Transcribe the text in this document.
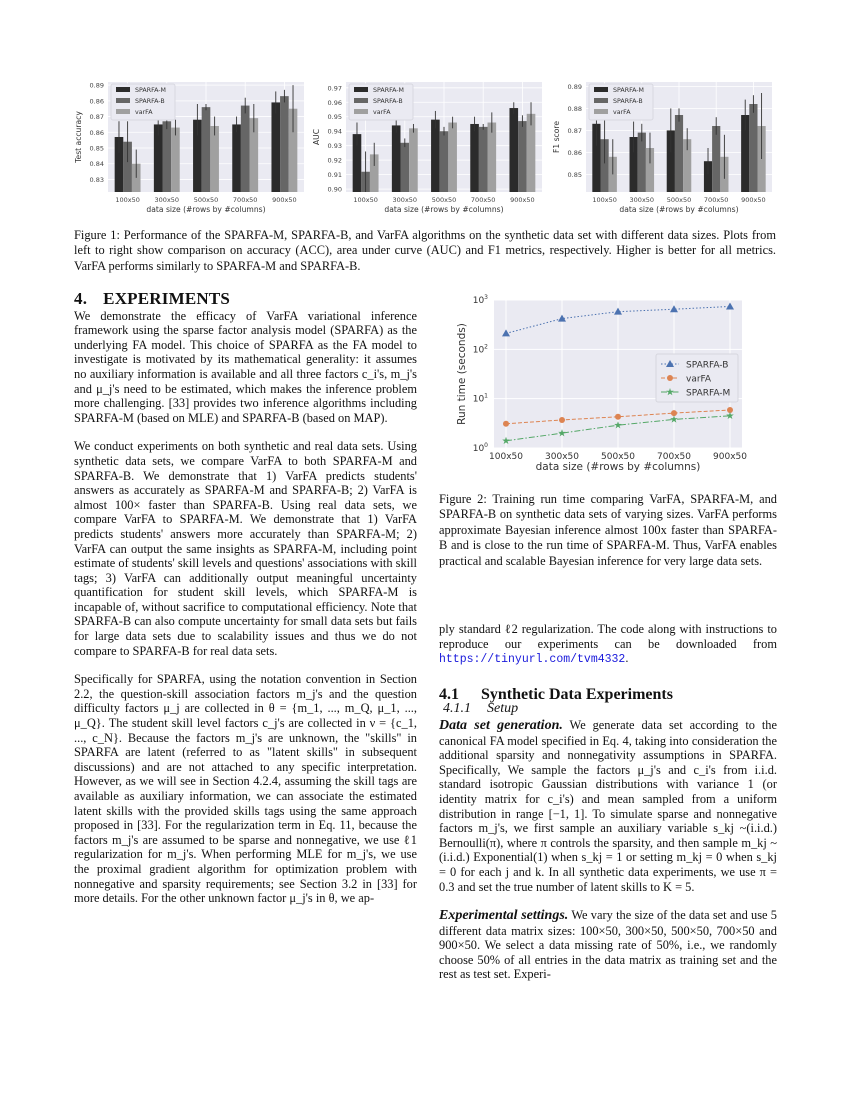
0.83
0.84
0.85
0.86
0.87
0.86
0.89
100x50 300x50 500x50 700x50 900x50
data size (#rows by #columns)
Test accuracy
SPARFA-M
SPARFA-B
varFA
0.90
0.91
0.92
0.93
0.94
0.95
0.96
0.97
100x50 300x50 500x50 700x50 900x50
data size (#rows by #columns)
AUC
SPARFA-M
SPARFA-B
varFA
0.85
0.86
0.87
0.88
0.89
100x50 300x50 500x50 700x50 900x50
data size (#rows by #columns)
F1 score
SPARFA-M
SPARFA-B
varFA
Figure 1: Performance of the SPARFA-M, SPARFA-B, and VarFA algorithms on the synthetic data set with different data sizes. Plots from left to right show comparison on accuracy (ACC), area under curve (AUC) and F1 metrics, respectively. Higher is better for all metrics. VarFA performs similarly to SPARFA-M and SPARFA-B.
4. EXPERIMENTS

We demonstrate the efficacy of VarFA variational inference framework using the sparse factor analysis model (SPARFA) as the underlying FA model. This choice of SPARFA as the FA model to investigate is motivated by its mathematical generality: it assumes no auxiliary information is available and all three factors c_i's, m_j's and μ_j's need to be estimated, which makes the inference problem more challenging. [33] provides two inference algorithms including SPARFA-M (based on MLE) and SPARFA-B (based on MAP).

We conduct experiments on both synthetic and real data sets. Using synthetic data sets, we compare VarFA to both SPARFA-M and SPARFA-B. We demonstrate that 1) VarFA predicts students' answers as accurately as SPARFA-M and SPARFA-B; 2) VarFA is almost 100× faster than SPARFA-B. Using real data sets, we compare VarFA to SPARFA-M. We demonstrate that 1) VarFA predicts students' answers more accurately than SPARFA-M; 2) VarFA can output the same insights as SPARFA-M, including point estimate of students' skill levels and questions' associations with skill tags; 3) VarFA can additionally output meaningful uncertainty quantification for student skill levels, which SPARFA-M is incapable of, without sacrifice to computational efficiency. Note that SPARFA-B can also compute uncertainty for small data sets but fails for large data sets due to scalability issues and thus we do not compare to SPARFA-B for real data sets.

Specifically for SPARFA, using the notation convention in Section 2.2, the question-skill association factors m_j's and the question difficulty factors μ_j are collected in θ = {m_1, ..., m_Q, μ_1, ..., μ_Q}. The student skill level factors c_j's are collected in ν = {c_1, ..., c_N}. Because the factors m_j's are unknown, the "skills" in SPARFA are latent (referred to as "latent skills" in subsequent discussions) and are not attached to any specific interpretation. However, as we will see in Section 4.2.4, assuming the skill tags are available as auxiliary information, we can associate the estimated latent skills with the provided skills tags using the same approach proposed in [33]. For the regularization term in Eq. 11, because the factors m_j's are assumed to be sparse and nonnegative, we use ℓ1 regularization for m_j's. When performing MLE for m_j's, we use the proximal gradient algorithm for optimization problem with nonnegative and sparsity requirements; see Section 3.2 in [33] for more details. For the other unknown factor μ_j's in θ, we ap-

$10^0$
$10^1$
$10^2$
$10^3$
100x50 300x50 500x50 700x50 900x50
data size (#rows by #columns)
Run time (seconds)	SPARFA-B
varFA
SPARFA-M
Figure 2: Training run time comparing VarFA, SPARFA-M, and SPARFA-B on synthetic data sets of varying sizes. VarFA performs approximate Bayesian inference almost 100x faster than SPARFA-B and is close to the run time of SPARFA-M. Thus, VarFA enables practical and scalable Bayesian inference for very large data sets.

ply standard ℓ2 regularization. The code along with instructions to reproduce our experiments can be downloaded from https://tinyurl.com/tvm4332.

4.1 Synthetic Data Experiments
4.1.1 Setup

Data set generation. We generate data set according to the canonical FA model specified in Eq. 4, taking into consideration the additional sparsity and nonnegativity assumptions in SPARFA. Specifically, We sample the factors μ_j's and c_i's from i.i.d. standard isotropic Gaussian distributions with variance 1 (or identity matrix for c_i's) and mean sampled from a uniform distribution in range [−1, 1]. To simulate sparse and nonnegative factors m_j's, we first sample an auxiliary variable s_kj ~(i.i.d.) Bernoulli(π), where π controls the sparsity, and then sample m_kj ~(i.i.d.) Exponential(1) when s_kj = 1 or setting m_kj = 0 when s_kj = 0 for each j and k. In all synthetic data experiments, we use π = 0.3 and set the true number of latent skills to K = 5.

Experimental settings. We vary the size of the data set and use 5 different data matrix sizes: 100×50, 300×50, 500×50, 700×50 and 900×50. We select a data missing rate of 50%, i.e., we randomly choose 50% of all entries in the data matrix as training set and the rest as test set. Experi-
